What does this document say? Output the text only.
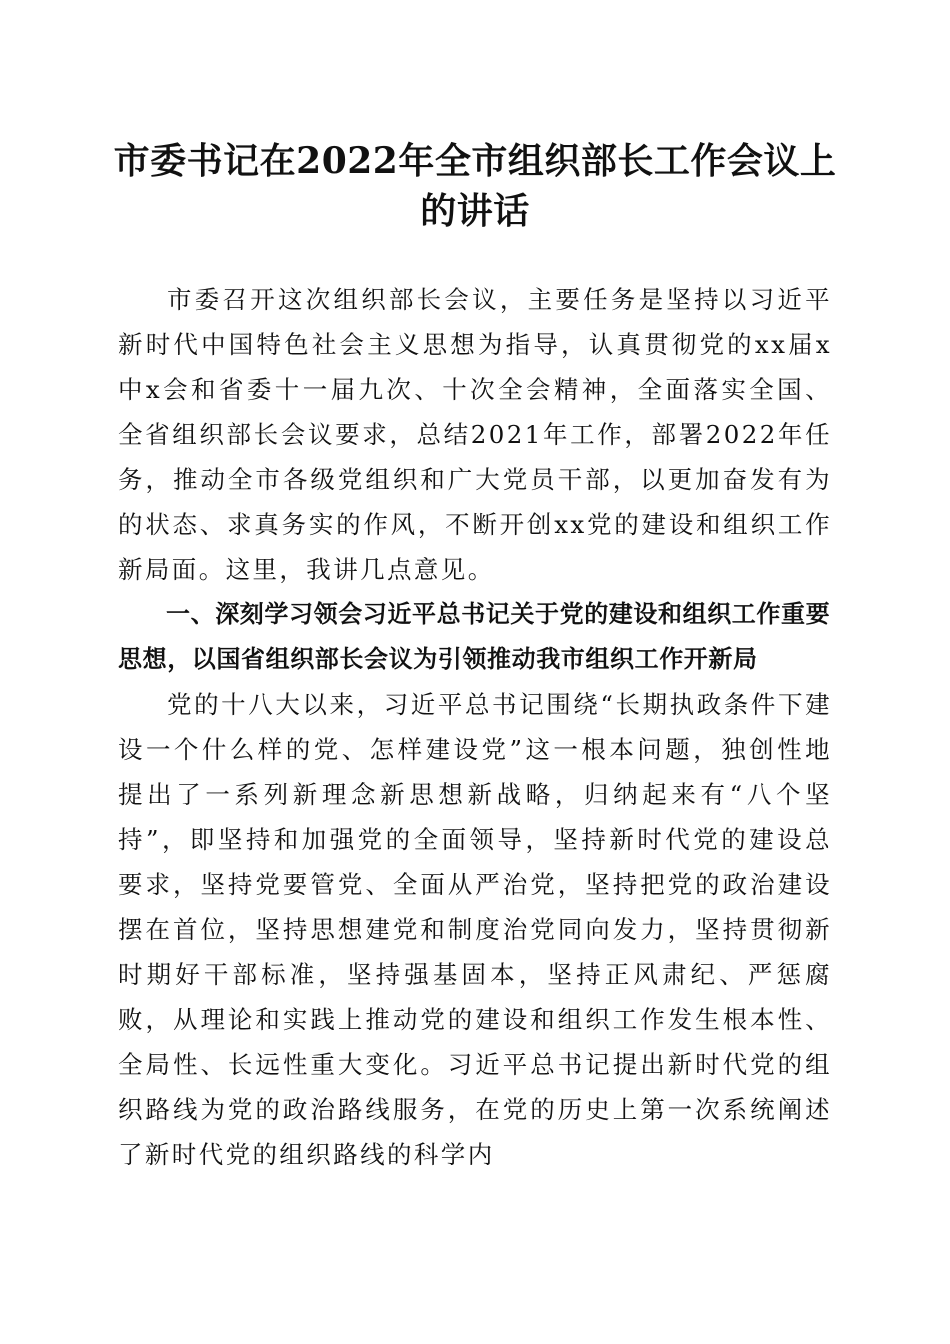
市委书记在2022年全市组织部长工作会议上
的讲话

市委召开这次组织部长会议，主要任务是坚持以习近平新时代中国特色社会主义思想为指导，认真贯彻党的xx届x中x会和省委十一届九次、十次全会精神，全面落实全国、全省组织部长会议要求，总结2021年工作，部署2022年任务，推动全市各级党组织和广大党员干部，以更加奋发有为的状态、求真务实的作风，不断开创xx党的建设和组织工作新局面。这里，我讲几点意见。

一、深刻学习领会习近平总书记关于党的建设和组织工作重要思想，以国省组织部长会议为引领推动我市组织工作开新局

党的十八大以来，习近平总书记围绕“长期执政条件下建设一个什么样的党、怎样建设党”这一根本问题，独创性地提出了一系列新理念新思想新战略，归纳起来有“八个坚持”，即坚持和加强党的全面领导，坚持新时代党的建设总要求，坚持党要管党、全面从严治党，坚持把党的政治建设摆在首位，坚持思想建党和制度治党同向发力，坚持贯彻新时期好干部标准，坚持强基固本，坚持正风肃纪、严惩腐败，从理论和实践上推动党的建设和组织工作发生根本性、全局性、长远性重大变化。习近平总书记提出新时代党的组织路线为党的政治路线服务，在党的历史上第一次系统阐述了新时代党的组织路线的科学内
